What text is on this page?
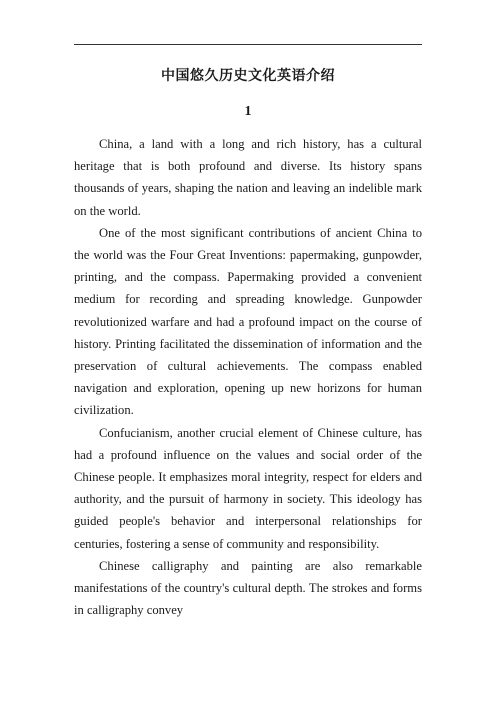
中国悠久历史文化英语介绍
1

China, a land with a long and rich history, has a cultural heritage that is both profound and diverse. Its history spans thousands of years, shaping the nation and leaving an indelible mark on the world.

One of the most significant contributions of ancient China to the world was the Four Great Inventions: papermaking, gunpowder, printing, and the compass. Papermaking provided a convenient medium for recording and spreading knowledge. Gunpowder revolutionized warfare and had a profound impact on the course of history. Printing facilitated the dissemination of information and the preservation of cultural achievements. The compass enabled navigation and exploration, opening up new horizons for human civilization.

Confucianism, another crucial element of Chinese culture, has had a profound influence on the values and social order of the Chinese people. It emphasizes moral integrity, respect for elders and authority, and the pursuit of harmony in society. This ideology has guided people's behavior and interpersonal relationships for centuries, fostering a sense of community and responsibility.

Chinese calligraphy and painting are also remarkable manifestations of the country's cultural depth. The strokes and forms in calligraphy convey
